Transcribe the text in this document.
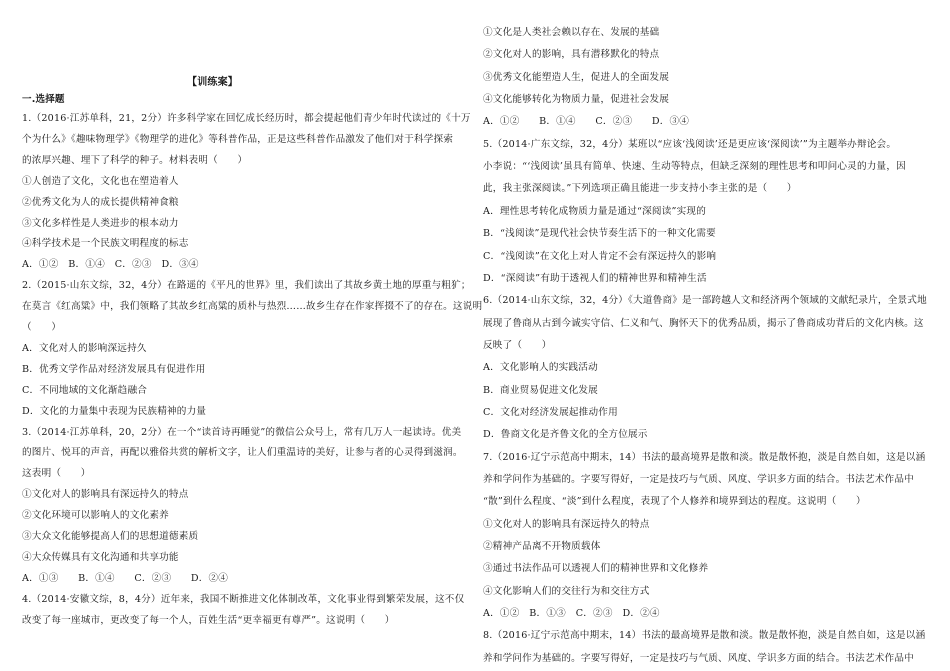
【训练案】
一.选择题
1.（2016·江苏单科，21，2分）许多科学家在回忆成长经历时，都会提起他们青少年时代读过的《十万
个为什么》《趣味物理学》《物理学的进化》等科普作品，正是这些科普作品激发了他们对于科学探索
的浓厚兴趣、埋下了科学的种子。材料表明（　　）
①人创造了文化，文化也在塑造着人
②优秀文化为人的成长提供精神食粮
③文化多样性是人类进步的根本动力
④科学技术是一个民族文明程度的标志
A．①②　B．①④　C．②③　D．③④
2.（2015·山东文综，32，4分）在路遥的《平凡的世界》里，我们读出了其故乡黄土地的厚重与粗犷；
在莫言《红高粱》中，我们领略了其故乡红高粱的质朴与热烈……故乡生存在作家挥掇不了的存在。这说明
（　　）
A．文化对人的影响深远持久
B．优秀文学作品对经济发展具有促进作用
C．不同地域的文化渐趋融合
D．文化的力量集中表现为民族精神的力量
3.（2014·江苏单科，20，2分）在一个“读首诗再睡觉”的微信公众号上，常有几万人一起读诗。优美
的图片、悦耳的声音，再配以雅俗共赏的解析文字，让人们重温诗的美好，让参与者的心灵得到滋润。
这表明（　　）
①文化对人的影响具有深远持久的特点
②文化环境可以影响人的文化素养
③大众文化能够提高人们的思想道德素质
④大众传媒具有文化沟通和共享功能
A．①③　　B．①④　　C．②③　　D．②④
4.（2014·安徽文综，8，4分）近年来，我国不断推进文化体制改革，文化事业得到繁荣发展，这不仅
改变了每一座城市，更改变了每一个人，百姓生活“更幸福更有尊严”。这说明（　　）
①文化是人类社会赖以存在、发展的基础
②文化对人的影响，具有潜移默化的特点
③优秀文化能塑造人生，促进人的全面发展
④文化能够转化为物质力量，促进社会发展
A．①②　　B．①④　　C．②③　　D．③④
5.（2014·广东文综，32，4分）某班以“应该‘浅阅读’还是更应该‘深阅读’”为主题举办辩论会。
小李说：“‘浅阅读’虽具有简单、快速、生动等特点，但缺乏深刻的理性思考和叩问心灵的力量，因
此，我主张深阅读。”下列选项正确且能进一步支持小李主张的是（　　）
A．理性思考转化成物质力量是通过“深阅读”实现的
B．“浅阅读”是现代社会快节奏生活下的一种文化需要
C．“浅阅读”在文化上对人肯定不会有深远持久的影响
D．“深阅读”有助于透视人们的精神世界和精神生活
6.（2014·山东文综，32，4分）《大道鲁商》是一部跨越人文和经济两个领域的文献纪录片，全景式地
展现了鲁商从古到今诚实守信、仁义和气、胸怀天下的优秀品质，揭示了鲁商成功背后的文化内核。这
反映了（　　）
A．文化影响人的实践活动
B．商业贸易促进文化发展
C．文化对经济发展起推动作用
D．鲁商文化是齐鲁文化的全方位展示
7.（2016·辽宁示范高中期末，14）书法的最高境界是散和淡。散是散怀抱，淡是自然自如，这是以涵
养和学问作为基础的。字要写得好，一定是技巧与气质、风度、学识多方面的结合。书法艺术作品中
“散”到什么程度、“淡”到什么程度，表现了个人修养和境界到达的程度。这说明（　　）
①文化对人的影响具有深远持久的特点
②精神产品离不开物质载体
③通过书法作品可以透视人们的精神世界和文化修养
④文化影响人们的交往行为和交往方式
A．①②　B．①③　C．②③　D．②④
8.（2016·辽宁示范高中期末，14）书法的最高境界是散和淡。散是散怀抱，淡是自然自如，这是以涵
养和学问作为基础的。字要写得好，一定是技巧与气质、风度、学识多方面的结合。书法艺术作品中
